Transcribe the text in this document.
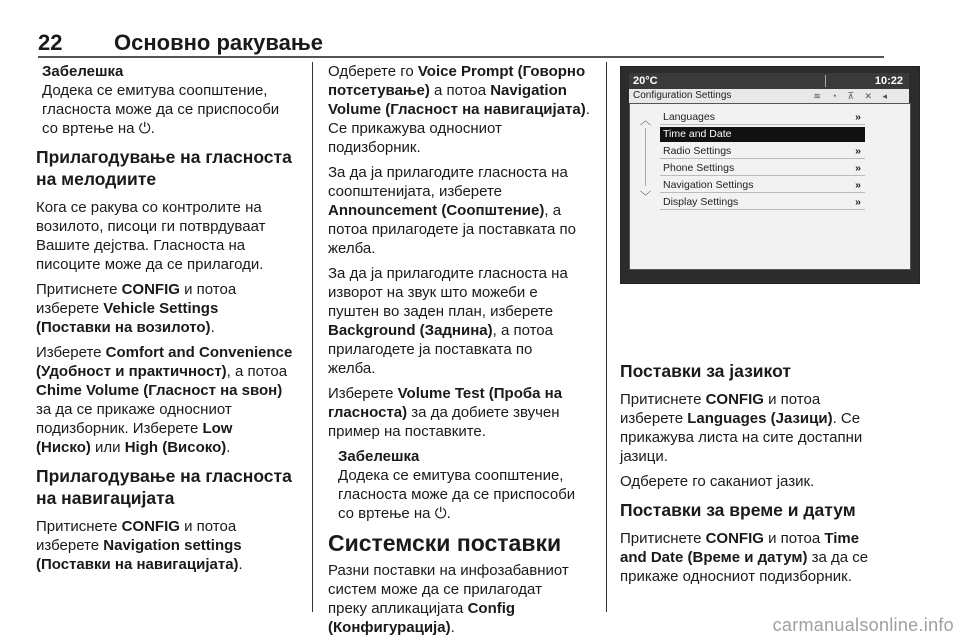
22 Основно ракување
Забелешка
Додека се емитува соопштение,
гласноста може да се приспособи
со вртење на ⏻.
Прилагодување на гласноста
на мелодиите

Кога се ракува со контролите на
возилото, писоци ги потврдуваат
Вашите дејства. Гласноста на
писоците може да се прилагоди.

Притиснете CONFIG и потоа
изберете Vehicle Settings
(Поставки на возилото).

Изберете Comfort and Convenience
(Удобност и практичност), а потоа
Chime Volume (Гласност на ѕвон)
за да се прикаже односниот
подизборник. Изберете Low
(Ниско) или High (Високо).

Прилагодување на гласноста
на навигацијата

Притиснете CONFIG и потоа
изберете Navigation settings
(Поставки на навигацијата).

Одберете го Voice Prompt (Говорно
потсетување) а потоа Navigation
Volume (Гласност на навигацијата).
Се прикажува односниот
подизборник.

За да ја прилагодите гласноста на
соопштенијата, изберете
Announcement (Соопштение), а
потоа прилагодете ја поставката по
желба.

За да ја прилагодите гласноста на
изворот на звук што можеби е
пуштен во заден план, изберете
Background (Заднина), а потоа
прилагодете ја поставката по
желба.

Изберете Volume Test (Проба на
гласноста) за да добиете звучен
пример на поставките.

Забелешка
Додека се емитува соопштение,
гласноста може да се приспособи
со вртење на ⏻.
Системски поставки

Разни поставки на инфозабавниот
систем може да се прилагодат
преку апликацијата Config
(Конфигурација).

20°C	10:22
Configuration Settings	≋ ◔ ⊼ ✕ ◂
︿
﹀
Languages	»
Time and Date
Radio Settings	»
Phone Settings	»
Navigation Settings	»
Display Settings	»
Поставки за јазикот

Притиснете CONFIG и потоа
изберете Languages (Јазици). Се
прикажува листа на сите достапни
јазици.

Одберете го саканиот јазик.

Поставки за време и датум

Притиснете CONFIG и потоа Time
and Date (Време и датум) за да се
прикаже односниот подизборник.

carmanualsonline.info
